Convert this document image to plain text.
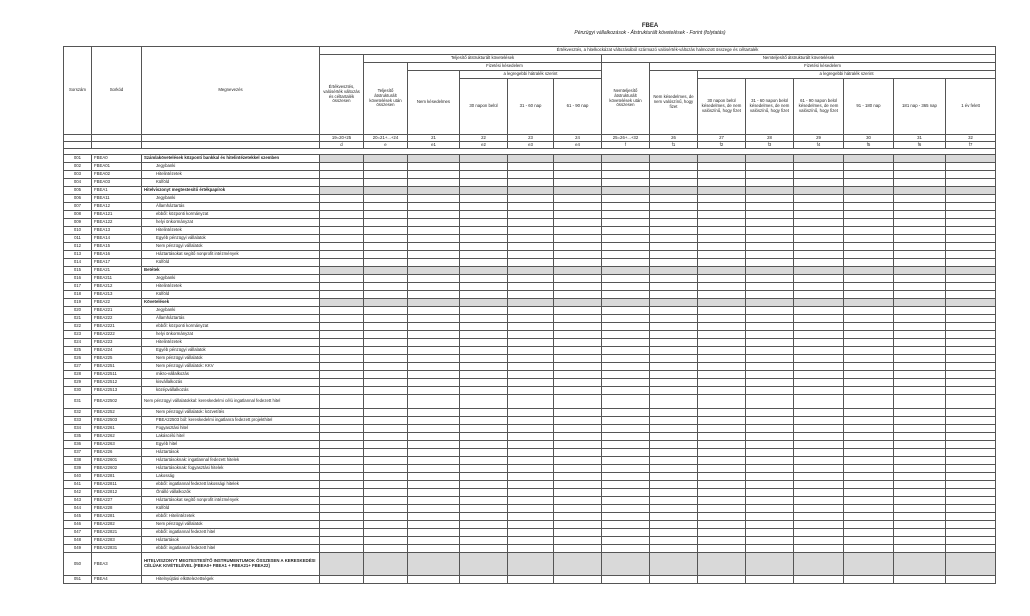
FBEA
Pénzügyi vállalkozások - Átstrukturált követelések - Forint (folytatás)
Sorszám	Sorkód	Megnevezés	Értékvesztés, a hitelkockázat változásából származó valósérték-változás halmozott összege és céltartalék													
			Értékvesztés, valósérték változás és céltartalék összesen	Teljesítő átstrukturált követelések					Nemteljesítő átstrukturált követelések							
				Teljesítő átstrukturált követelések után összesen	Fizetési késedelem				Nemteljesítő átstrukturált követelések után összesen	Fizetési késedelem						
					Nem késedelmes	a legregebbi hátralék szerint				Nem késedelmes, de nem valószínű, hogy fizet	a legregebbi hátralék szerint					
						30 napon belül	31 - 60 nap	61 - 90 nap			30 napon belül késedelmes, de nem valószínű, hogy fizet	31 - 60 napon belül késedelmes, de nem valószínű, hogy fizet	61 - 90 napon belül késedelmes, de nem valószínű, hogy fizet	91 - 180 nap	181 nap - 365 nap	1 év felett
			19=20+25	20=21+...+24	21	22	23	24	25=26+...+32	26	27	28	29	30	31	32
			d	e	e1	e2	e3	e4	f	f1	f2	f3	f4	f5	f6	f7

001	FBEA0	Számlakövetelések központi bankkal és hitelintézetekkel szemben														
002	FBEA01	Jegybanki														
003	FBEA02	Hitelintézetek														
004	FBEA03	Külföld														
005	FBEA1	Hitelviszonyt megtestesítő értékpapírok														
006	FBEA11	Jegybanki														
007	FBEA12	Államháztartás														
008	FBEA121	ebből: központi kormányzat														
009	FBEA122	helyi önkormányzat														
010	FBEA13	Hitelintézetek														
011	FBEA14	Egyéb pénzügyi vállalatok														
012	FBEA15	Nem pénzügyi vállalatok														
013	FBEA16	Háztartásokat segítő nonprofit intézmények														
014	FBEA17	Külföld														
015	FBEA21	Betétek														
016	FBEA211	Jegybanki														
017	FBEA212	Hitelintézetek														
018	FBEA213	Külföld														
019	FBEA22	Követelések														
020	FBEA221	Jegybanki														
021	FBEA222	Államháztartás														
022	FBEA2221	ebből: központi kormányzat														
023	FBEA2222	helyi önkormányzat														
024	FBEA223	Hitelintézetek														
025	FBEA224	Egyéb pénzügyi vállalatok														
026	FBEA225	Nem pénzügyi vállalatok														
027	FBEA2251	Nem pénzügyi vállalatok: KKV														
028	FBEA22511	mikro-vállalkozás														
029	FBEA22512	kisvállalkozás														
030	FBEA22513	középvállalkozás														
031	FBEA22502	Nem pénzügyi vállalatokkal: kereskedelmi célú ingatlannal fedezett hitel														
032	FBEA2252	Nem pénzügyi vállalatok: közvetítés														
033	FBEA22503	FBEA22503 ból: kereskedelmi ingatlanra fedezett projekthitel														
034	FBEA2261	Fogyasztási hitel														
035	FBEA2262	Lakáscélú hitel														
036	FBEA2263	Egyéb hitel														
037	FBEA226	Háztartások														
038	FBEA22601	Háztartásoknak: ingatlannal fedezett hitelek														
039	FBEA22602	Háztartásoknak: fogyasztási hitelek														
040	FBEA2281	Lakosság														
041	FBEA22811	ebből: ingatlannal fedezett lakossági hitelek														
042	FBEA22812	Önálló vállalkozók														
043	FBEA227	Háztartásokat segítő nonprofit intézmények														
044	FBEA228	Külföld														
045	FBEA2281	ebből: Hitelintézetek														
046	FBEA2282	Nem pénzügyi vállalatok														
047	FBEA22821	ebből: ingatlannal fedezett hitel														
048	FBEA2283	Háztartások														
049	FBEA22831	ebből: ingatlannal fedezett hitel														
050	FBEA3	HITELVISZONYT MEGTESTESÍTŐ INSTRUMENTUMOK ÖSSZESEN A KERESKEDÉSI CÉLÚAK KIVÉTELÉVEL (FBEA0+ FBEA1 + FBEA21+ FBEA22)														
051	FBEA4	Hitelnyújtási elkötelezettségek														
